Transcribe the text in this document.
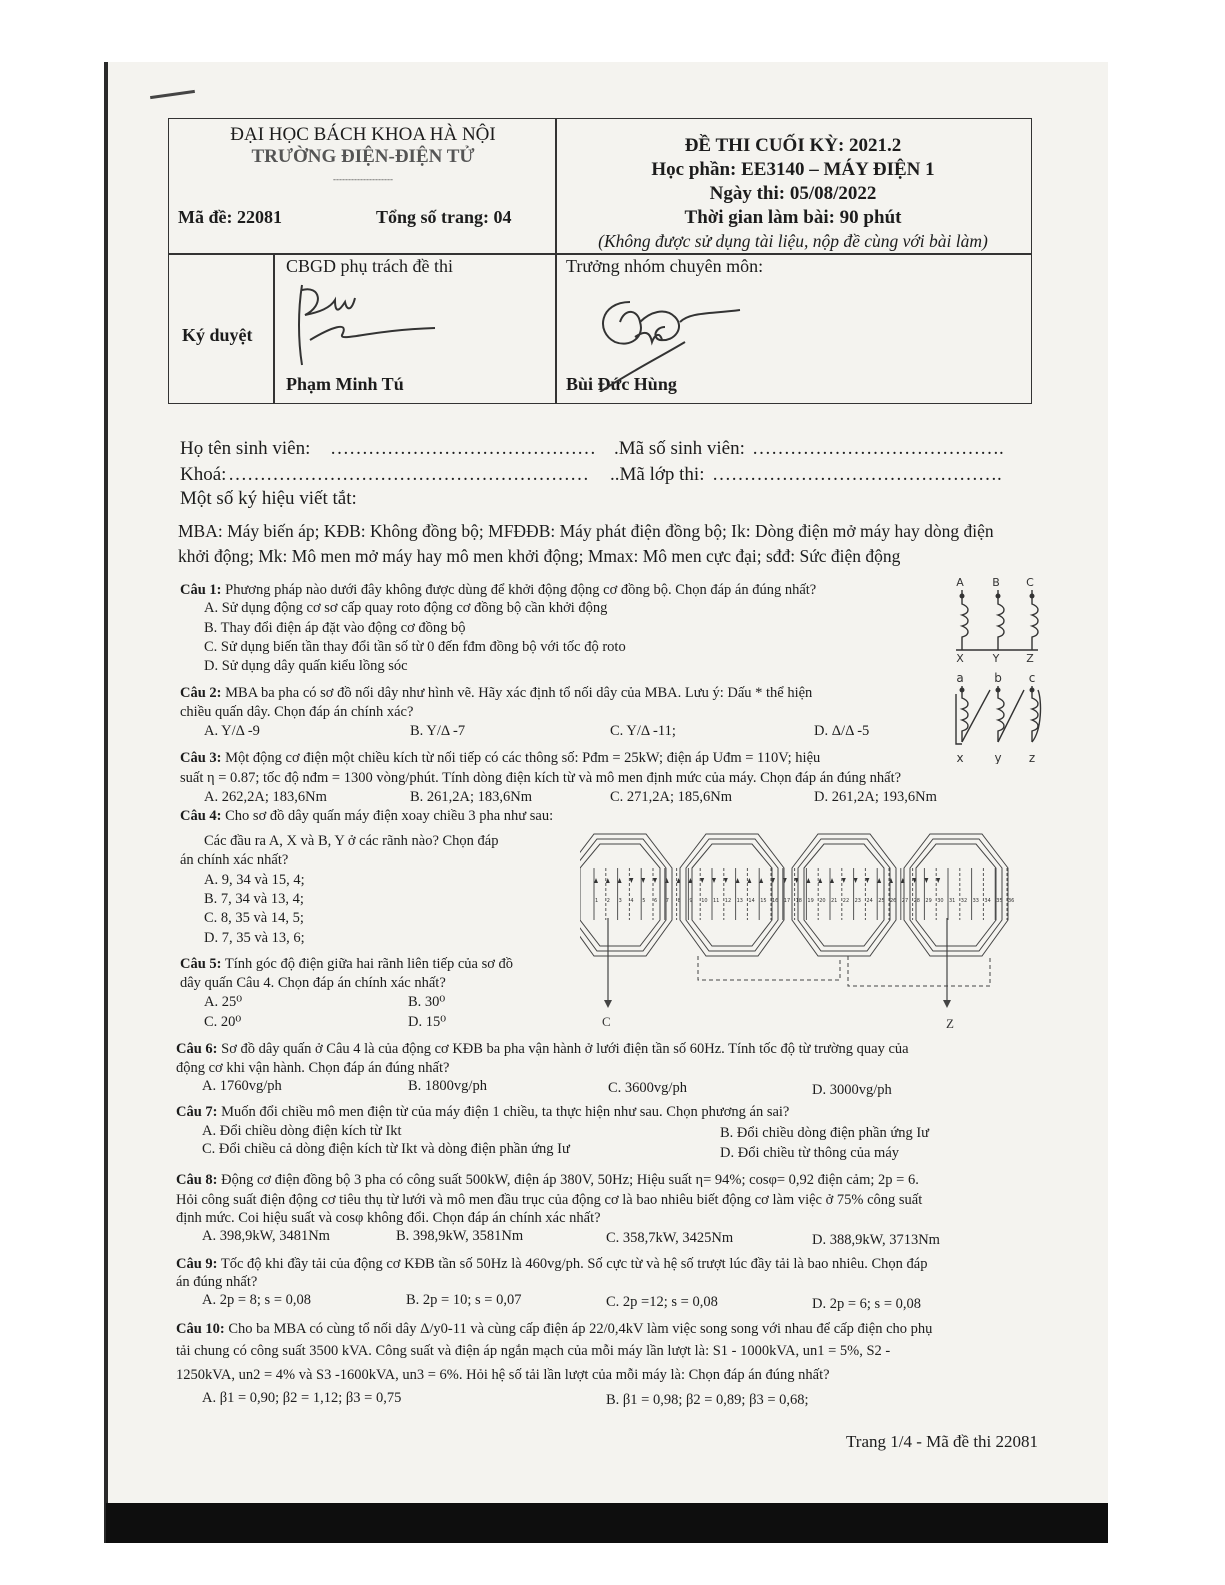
ĐẠI HỌC BÁCH KHOA HÀ NỘI
TRƯỜNG ĐIỆN-ĐIỆN TỬ
--------------------
Mã đề: 22081	Tổng số trang: 04
ĐỀ THI CUỐI KỲ: 2021.2
Học phần: EE3140 – MÁY ĐIỆN 1
Ngày thi: 05/08/2022
Thời gian làm bài: 90 phút
(Không được sử dụng tài liệu, nộp đề cùng với bài làm)
Ký duyệt
CBGD phụ trách đề thi
Phạm Minh Tú
Trưởng nhóm chuyên môn:
Bùi Đức Hùng
Họ tên sinh viên: …………………………………… .Mã số sinh viên: ………………………………….
Khoá: ………………………………………………… ..Mã lớp thi: ……………………………………….
Một số ký hiệu viết tắt:
MBA: Máy biến áp; KĐB: Không đồng bộ; MFĐĐB: Máy phát điện đồng bộ; Ik: Dòng điện mở máy hay dòng điện
khởi động; Mk: Mô men mở máy hay mô men khởi động; Mmax: Mô men cực đại; sđđ: Sức điện động
Câu 1: Phương pháp nào dưới đây không được dùng để khởi động động cơ đồng bộ. Chọn đáp án đúng nhất?
A. Sử dụng động cơ sơ cấp quay roto động cơ đồng bộ cần khởi động
B. Thay đổi điện áp đặt vào động cơ đồng bộ
C. Sử dụng biến tần thay đổi tần số từ 0 đến fđm đồng bộ với tốc độ roto
D. Sử dụng dây quấn kiểu lồng sóc
A	B C
X	Y Z
Câu 2: MBA ba pha có sơ đồ nối dây như hình vẽ. Hãy xác định tổ nối dây của MBA. Lưu ý: Dấu * thể hiện
chiều quấn dây. Chọn đáp án chính xác?
A. Y/Δ -9	B. Y/Δ -7	C. Y/Δ -11;	D. Δ/Δ -5
a	b c
x	y z
Câu 3: Một động cơ điện một chiều kích từ nối tiếp có các thông số: Pđm = 25kW; điện áp Uđm = 110V; hiệu
suất η = 0.87; tốc độ nđm = 1300 vòng/phút. Tính dòng điện kích từ và mô men định mức của máy. Chọn đáp án đúng nhất?
A. 262,2A; 183,6Nm	B. 261,2A; 183,6Nm	C. 271,2A; 185,6Nm	D. 261,2A; 193,6Nm
Câu 4: Cho sơ đồ dây quấn máy điện xoay chiều 3 pha như sau:
Các đầu ra A, X và B, Y ở các rãnh nào? Chọn đáp
án chính xác nhất?
A. 9, 34 và 15, 4;
B. 7, 34 và 13, 4;
C. 8, 35 và 14, 5;
D. 7, 35 và 13, 6;
1 2 3 4 5 6 7 8 9 10 11 12 13 14 15 16 17 18 19 20 21 22 23 24 25 26 27 28 29 30 31 32 33 34 35 36
C	Z
Câu 5: Tính góc độ điện giữa hai rãnh liên tiếp của sơ đồ
dây quấn Câu 4. Chọn đáp án chính xác nhất?
A. 25⁰	B. 30⁰
C. 20⁰	D. 15⁰
Câu 6: Sơ đồ dây quấn ở Câu 4 là của động cơ KĐB ba pha vận hành ở lưới điện tần số 60Hz. Tính tốc độ từ trường quay của
động cơ khi vận hành. Chọn đáp án đúng nhất?
A. 1760vg/ph	B. 1800vg/ph	C. 3600vg/ph	D. 3000vg/ph
Câu 7: Muốn đổi chiều mô men điện từ của máy điện 1 chiều, ta thực hiện như sau. Chọn phương án sai?
A. Đổi chiều dòng điện kích từ Ikt	B. Đổi chiều dòng điện phần ứng Iư
C. Đổi chiều cả dòng điện kích từ Ikt và dòng điện phần ứng Iư	D. Đổi chiều từ thông của máy
Câu 8: Động cơ điện đồng bộ 3 pha có công suất 500kW, điện áp 380V, 50Hz; Hiệu suất η= 94%; cosφ= 0,92 điện cảm; 2p = 6.
Hỏi công suất điện động cơ tiêu thụ từ lưới và mô men đầu trục của động cơ là bao nhiêu biết động cơ làm việc ở 75% công suất
định mức. Coi hiệu suất và cosφ không đổi. Chọn đáp án chính xác nhất?
A. 398,9kW, 3481Nm	B. 398,9kW, 3581Nm	C. 358,7kW, 3425Nm	D. 388,9kW, 3713Nm
Câu 9: Tốc độ khi đầy tải của động cơ KĐB tần số 50Hz là 460vg/ph. Số cực từ và hệ số trượt lúc đầy tải là bao nhiêu. Chọn đáp
án đúng nhất?
A. 2p = 8; s = 0,08	B. 2p = 10; s = 0,07	C. 2p =12; s = 0,08	D. 2p = 6; s = 0,08
Câu 10: Cho ba MBA có cùng tổ nối dây Δ/y0-11 và cùng cấp điện áp 22/0,4kV làm việc song song với nhau để cấp điện cho phụ
tải chung có công suất 3500 kVA. Công suất và điện áp ngắn mạch của mỗi máy lần lượt là: S1 - 1000kVA, un1 = 5%, S2 -
1250kVA, un2 = 4% và S3 -1600kVA, un3 = 6%. Hỏi hệ số tải lần lượt của mỗi máy là: Chọn đáp án đúng nhất?
A. β1 = 0,90; β2 = 1,12; β3 = 0,75	B. β1 = 0,98; β2 = 0,89; β3 = 0,68;
Trang 1/4 - Mã đề thi 22081
